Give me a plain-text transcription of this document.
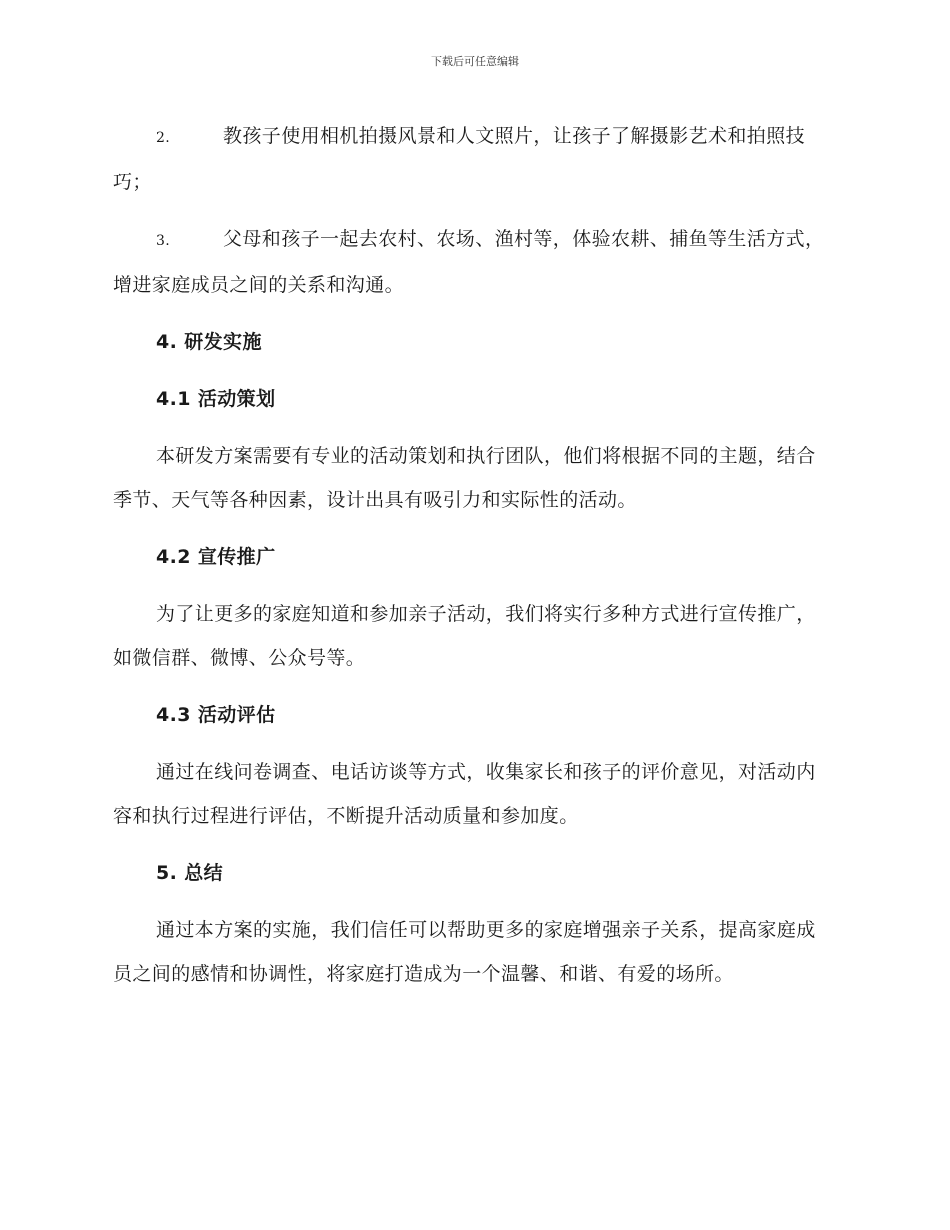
下载后可任意编辑

2.	教孩子使用相机拍摄风景和人文照片，让孩子了解摄影艺术和拍照技巧；

3.	父母和孩子一起去农村、农场、渔村等，体验农耕、捕鱼等生活方式，增进家庭成员之间的关系和沟通。

4. 研发实施
4.1 活动策划

本研发方案需要有专业的活动策划和执行团队，他们将根据不同的主题，结合季节、天气等各种因素，设计出具有吸引力和实际性的活动。

4.2 宣传推广

为了让更多的家庭知道和参加亲子活动，我们将实行多种方式进行宣传推广，如微信群、微博、公众号等。

4.3 活动评估

通过在线问卷调查、电话访谈等方式，收集家长和孩子的评价意见，对活动内容和执行过程进行评估，不断提升活动质量和参加度。

5. 总结

通过本方案的实施，我们信任可以帮助更多的家庭增强亲子关系，提高家庭成员之间的感情和协调性，将家庭打造成为一个温馨、和谐、有爱的场所。
